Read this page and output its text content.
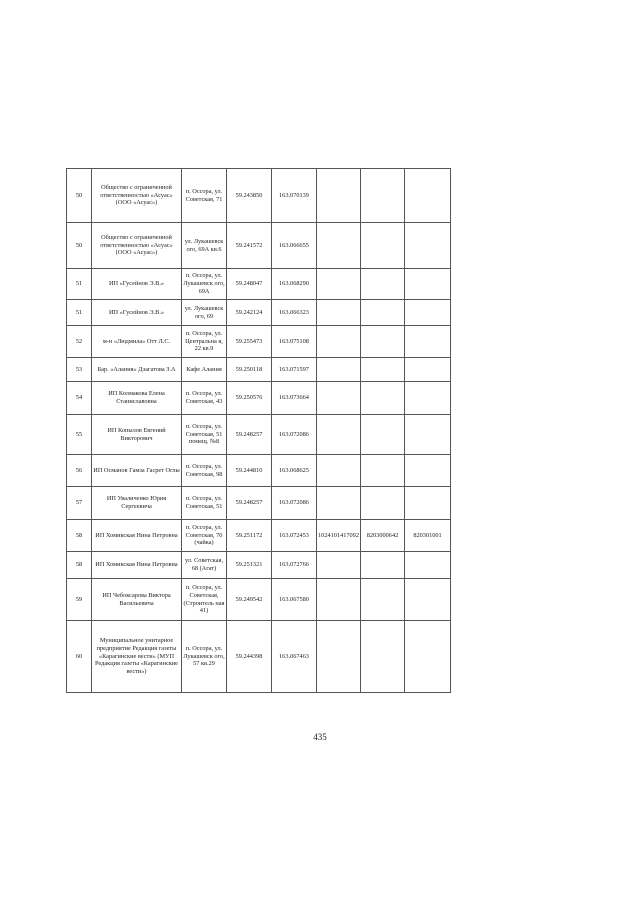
50	Общество с ограниченной ответственностью «Асуас» (ООО «Асуас»)	п. Оссора, ул. Советская, 71	59.243850	163.070139			
50	Общество с ограниченной ответственностью «Асуас» (ООО «Асуас»)	ул. Лукашевск ого, 69А кв.6	59.241572	163.066655			
51	ИП «Гусейнов Э.В.»	п. Оссора, ул. Лукашевск ого, 69А	59.248047	163.068290			
51	ИП «Гусейнов Э.В.»	ул. Лукашевск ого, 69	59.242124	163.066323			
52	м-н «Людмила» Отт Л.С.	п. Оссора, ул. Центральна я, 22 кв.9	59.255473	163.075108			
53	Бар. «Алания» Дзагатова З.А	Кафе Алания	59.250118	163.071597			
54	ИП Колмакова Елена Станиславовна	п. Оссора, ул. Советская, 43	59.250576	163.073664			
55	ИП Копылов Евгений Викторович	п. Оссора, ул. Советская, 51 помещ. №8	59.248257	163.072086			
56	ИП Османов Гамза Гасрет Оглы	п. Оссора, ул. Советская, 98	59.244810	163.068625			
57	ИП Уваличенко Юрия Сергеевича	п. Оссора, ул. Советская, 51	59.248257	163.072086			
58	ИП Хомикская Нина Петровна	п. Оссора, ул. Советская, 70 (чайка)	59.251172	163.072453	1024101417092	8203000642	820301001
58	ИП Хомикская Нина Петровна	ул. Советская, 68 (Агат)	59.251321	163.072766			
59	ИП Чебоксарова Виктора Васильевича	п. Оссора, ул. Советская, (Строитель ная 41)	59.249542	163.067580			
60	Муниципальное унитарное предприятие Редакция газеты «Карагинские вести» (МУП Редакция газеты «Карагинские вести»)	п. Оссора, ул. Лукашевск ого, 57 кв.29	59.244398	163.067463			
435
